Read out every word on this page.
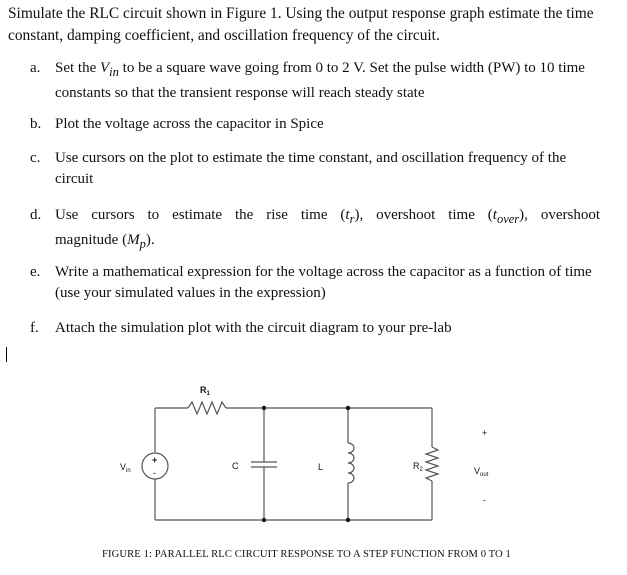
Simulate the RLC circuit shown in Figure 1. Using the output response graph estimate the time constant, damping coefficient, and oscillation frequency of the circuit.
a. Set the $V_{in}$ to be a square wave going from 0 to 2 V. Set the pulse width (PW) to 10 time constants so that the transient response will reach steady state
b. Plot the voltage across the capacitor in Spice
c. Use cursors on the plot to estimate the time constant, and oscillation frequency of the circuit
d. Use cursors to estimate the rise time $(t_r)$, overshoot time $(t_{over})$, overshoot
magnitude $(M_p)$.
e. Write a mathematical expression for the voltage across the capacitor as a function of time (use your simulated values in the expression)
f. Attach the simulation plot with the circuit diagram to your pre-lab
$R_1$
$V_{in}$
+
-
C	L	$R_2$
+
$V_{out}$
-
FIGURE 1: PARALLEL RLC CIRCUIT RESPONSE TO A STEP FUNCTION FROM 0 TO 1
